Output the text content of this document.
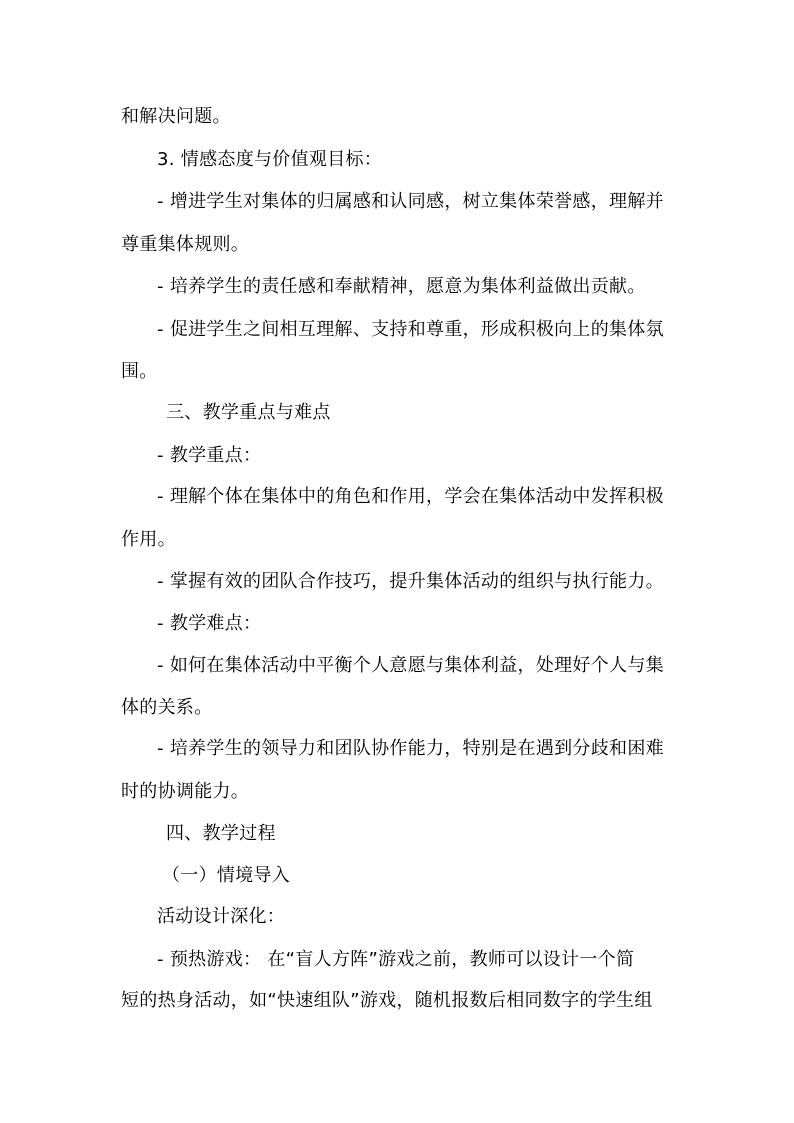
和解决问题。
3. 情感态度与价值观目标：
- 增进学生对集体的归属感和认同感，树立集体荣誉感，理解并
尊重集体规则。
- 培养学生的责任感和奉献精神，愿意为集体利益做出贡献。
- 促进学生之间相互理解、支持和尊重，形成积极向上的集体氛
围。
三、教学重点与难点
- 教学重点：
- 理解个体在集体中的角色和作用，学会在集体活动中发挥积极
作用。
- 掌握有效的团队合作技巧，提升集体活动的组织与执行能力。
- 教学难点：
- 如何在集体活动中平衡个人意愿与集体利益，处理好个人与集
体的关系。
- 培养学生的领导力和团队协作能力，特别是在遇到分歧和困难
时的协调能力。
四、教学过程
（一）情境导入
活动设计深化：
- 预热游戏： 在“盲人方阵”游戏之前，教师可以设计一个简
短的热身活动，如“快速组队”游戏，随机报数后相同数字的学生组
